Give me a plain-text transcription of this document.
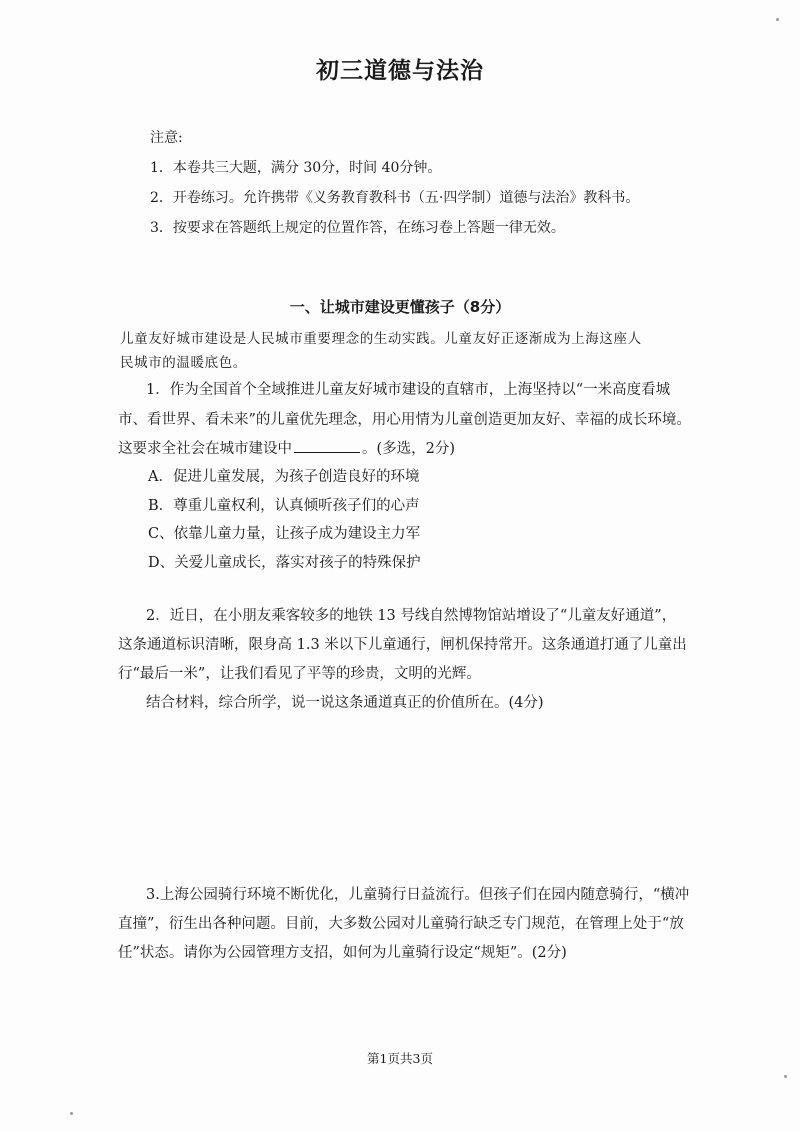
初三道德与法治
注意:
1．本卷共三大题，满分 30分，时间 40分钟。
2．开卷练习。允许携带《义务教育教科书（五·四学制）道德与法治》教科书。
3．按要求在答题纸上规定的位置作答，在练习卷上答题一律无效。
一、让城市建设更懂孩子（8分）
儿童友好城市建设是人民城市重要理念的生动实践。儿童友好正逐渐成为上海这座人
民城市的温暖底色。
1．作为全国首个全域推进儿童友好城市建设的直辖市，上海坚持以“一米高度看城
市、看世界、看未来”的儿童优先理念，用心用情为儿童创造更加友好、幸福的成长环境。
这要求全社会在城市建设中	。(多选，2分)
A．促进儿童发展，为孩子创造良好的环境
B．尊重儿童权利，认真倾听孩子们的心声
C、依靠儿童力量，让孩子成为建设主力军
D、关爱儿童成长，落实对孩子的特殊保护
2．近日，在小朋友乘客较多的地铁 13 号线自然博物馆站增设了“儿童友好通道”，
这条通道标识清晰，限身高 1.3 米以下儿童通行，闸机保持常开。这条通道打通了儿童出
行“最后一米”，让我们看见了平等的珍贵，文明的光辉。
结合材料，综合所学，说一说这条通道真正的价值所在。(4分)
3.上海公园骑行环境不断优化，儿童骑行日益流行。但孩子们在园内随意骑行，“横冲
直撞”，衍生出各种问题。目前，大多数公园对儿童骑行缺乏专门规范，在管理上处于“放
任”状态。请你为公园管理方支招，如何为儿童骑行设定“规矩”。(2分)
第1页共3页
